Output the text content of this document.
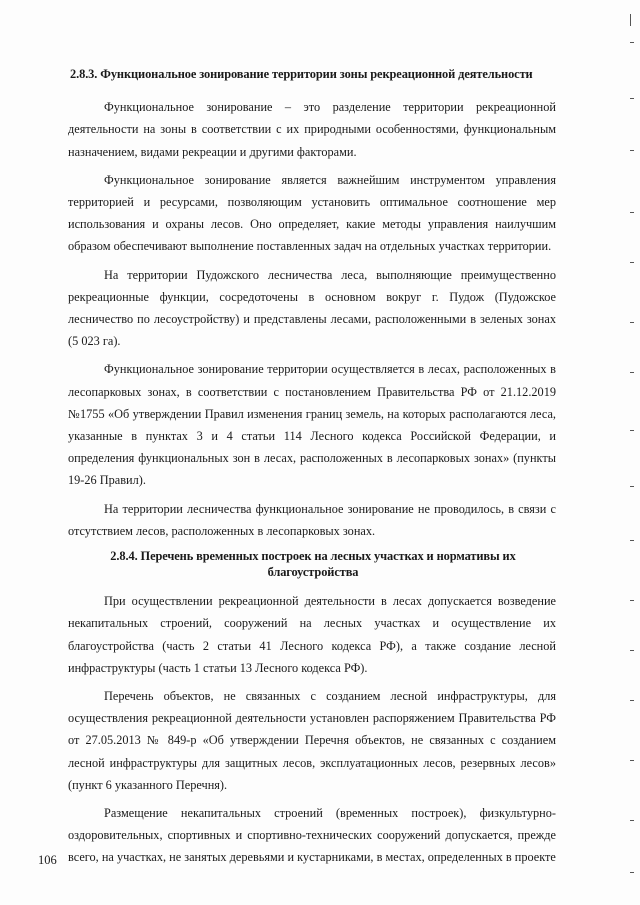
2.8.3. Функциональное зонирование территории зоны рекреационной деятельности

Функциональное зонирование – это разделение территории рекреационной деятельности на зоны в соответствии с их природными особенностями, функциональным назначением, видами рекреации и другими факторами.

Функциональное зонирование является важнейшим инструментом управления территорией и ресурсами, позволяющим установить оптимальное соотношение мер использования и охраны лесов. Оно определяет, какие методы управления наилучшим образом обеспечивают выполнение поставленных задач на отдельных участках территории.

На территории Пудожского лесничества леса, выполняющие преимущественно рекреационные функции, сосредоточены в основном вокруг г. Пудож (Пудожское лесничество по лесоустройству) и представлены лесами, расположенными в зеленых зонах (5 023 га).

Функциональное зонирование территории осуществляется в лесах, расположенных в лесопарковых зонах, в соответствии с постановлением Правительства РФ от 21.12.2019 №1755 «Об утверждении Правил изменения границ земель, на которых располагаются леса, указанные в пунктах 3 и 4 статьи 114 Лесного кодекса Российской Федерации, и определения функциональных зон в лесах, расположенных в лесопарковых зонах» (пункты 19-26 Правил).

На территории лесничества функциональное зонирование не проводилось, в связи с отсутствием лесов, расположенных в лесопарковых зонах.

2.8.4. Перечень временных построек на лесных участках и нормативы их благоустройства

При осуществлении рекреационной деятельности в лесах допускается возведение некапитальных строений, сооружений на лесных участках и осуществление их благоустройства (часть 2 статьи 41 Лесного кодекса РФ), а также создание лесной инфраструктуры (часть 1 статьи 13 Лесного кодекса РФ).

Перечень объектов, не связанных с созданием лесной инфраструктуры, для осуществления рекреационной деятельности установлен распоряжением Правительства РФ от 27.05.2013 № 849-р «Об утверждении Перечня объектов, не связанных с созданием лесной инфраструктуры для защитных лесов, эксплуатационных лесов, резервных лесов» (пункт 6 указанного Перечня).

Размещение некапитальных строений (временных построек), физкультурно-оздоровительных, спортивных и спортивно-технических сооружений допускается, прежде всего, на участках, не занятых деревьями и кустарниками, в местах, определенных в проекте

106
